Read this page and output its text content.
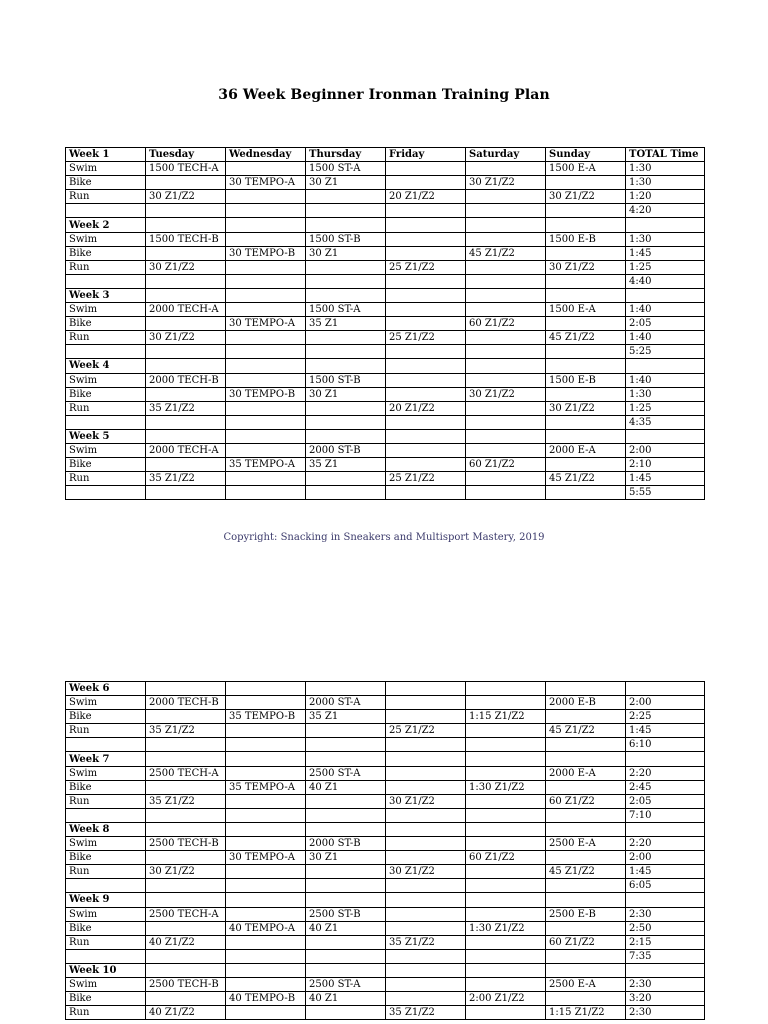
36 Week Beginner Ironman Training Plan
Week 1	Tuesday	Wednesday	Thursday	Friday	Saturday	Sunday	TOTAL Time
Swim	1500 TECH-A		1500 ST-A			1500 E-A	1:30
Bike		30 TEMPO-A	30 Z1		30 Z1/Z2		1:30
Run	30 Z1/Z2			20 Z1/Z2		30 Z1/Z2	1:20
							4:20
Week 2							
Swim	1500 TECH-B		1500 ST-B			1500 E-B	1:30
Bike		30 TEMPO-B	30 Z1		45 Z1/Z2		1:45
Run	30 Z1/Z2			25 Z1/Z2		30 Z1/Z2	1:25
							4:40
Week 3							
Swim	2000 TECH-A		1500 ST-A			1500 E-A	1:40
Bike		30 TEMPO-A	35 Z1		60 Z1/Z2		2:05
Run	30 Z1/Z2			25 Z1/Z2		45 Z1/Z2	1:40
							5:25
Week 4							
Swim	2000 TECH-B		1500 ST-B			1500 E-B	1:40
Bike		30 TEMPO-B	30 Z1		30 Z1/Z2		1:30
Run	35 Z1/Z2			20 Z1/Z2		30 Z1/Z2	1:25
							4:35
Week 5							
Swim	2000 TECH-A		2000 ST-B			2000 E-A	2:00
Bike		35 TEMPO-A	35 Z1		60 Z1/Z2		2:10
Run	35 Z1/Z2			25 Z1/Z2		45 Z1/Z2	1:45
							5:55
Copyright: Snacking in Sneakers and Multisport Mastery, 2019
Week 6							
Swim	2000 TECH-B		2000 ST-A			2000 E-B	2:00
Bike		35 TEMPO-B	35 Z1		1:15 Z1/Z2		2:25
Run	35 Z1/Z2			25 Z1/Z2		45 Z1/Z2	1:45
							6:10
Week 7							
Swim	2500 TECH-A		2500 ST-A			2000 E-A	2:20
Bike		35 TEMPO-A	40 Z1		1:30 Z1/Z2		2:45
Run	35 Z1/Z2			30 Z1/Z2		60 Z1/Z2	2:05
							7:10
Week 8							
Swim	2500 TECH-B		2000 ST-B			2500 E-A	2:20
Bike		30 TEMPO-A	30 Z1		60 Z1/Z2		2:00
Run	30 Z1/Z2			30 Z1/Z2		45 Z1/Z2	1:45
							6:05
Week 9							
Swim	2500 TECH-A		2500 ST-B			2500 E-B	2:30
Bike		40 TEMPO-A	40 Z1		1:30 Z1/Z2		2:50
Run	40 Z1/Z2			35 Z1/Z2		60 Z1/Z2	2:15
							7:35
Week 10							
Swim	2500 TECH-B		2500 ST-A			2500 E-A	2:30
Bike		40 TEMPO-B	40 Z1		2:00 Z1/Z2		3:20
Run	40 Z1/Z2			35 Z1/Z2		1:15 Z1/Z2	2:30
